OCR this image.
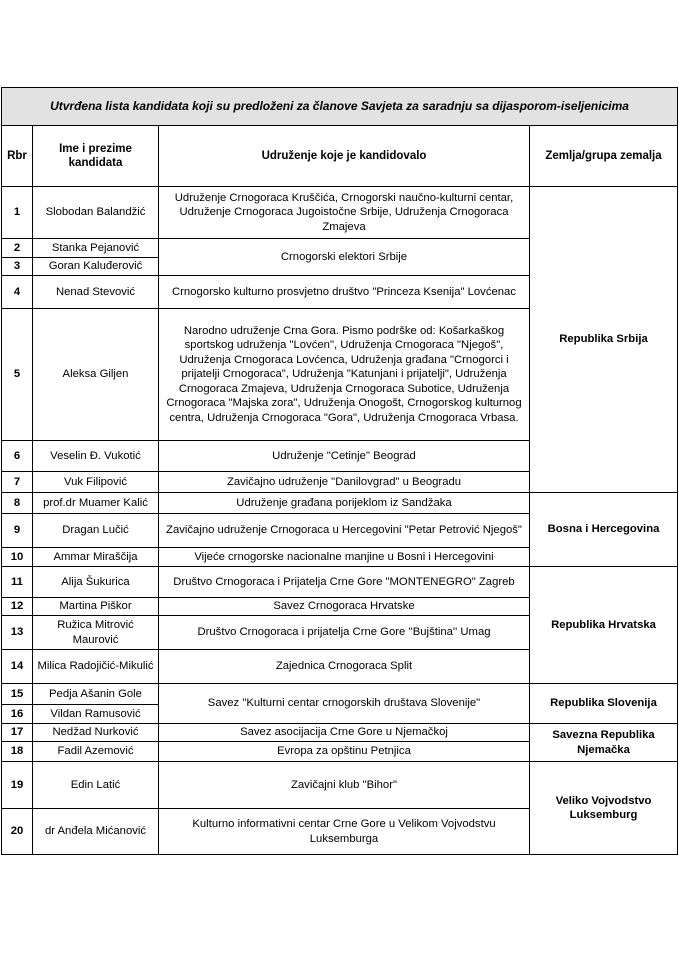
Utvrđena lista kandidata koji su predloženi za članove Savjeta za saradnju sa dijasporom-iseljenicima			
Rbr	Ime i prezime kandidata	Udruženje koje je kandidovalo	Zemlja/grupa zemalja
1	Slobodan Balandžić	Udruženje Crnogoraca Kruščića, Crnogorski naučno-kulturni centar, Udruženje Crnogoraca Jugoistočne Srbije, Udruženja Crnogoraca Zmajeva	Republika Srbija
2	Stanka Pejanović	Crnogorski elektori Srbije	
3	Goran Kaluđerović		
4	Nenad Stevović	Crnogorsko kulturno prosvjetno društvo "Princeza Ksenija" Lovćenac	
5	Aleksa Giljen	Narodno udruženje Crna Gora. Pismo podrške od: Košarkaškog sportskog udruženja "Lovćen", Udruženja Crnogoraca "Njegoš", Udruženja Crnogoraca Lovćenca, Udruženja građana "Crnogorci i prijatelji Crnogoraca", Udruženja "Katunjani i prijatelji", Udruženja Crnogoraca Zmajeva, Udruženja Crnogoraca Subotice, Udruženja Crnogoraca "Majska zora", Udruženja Onogošt, Crnogorskog kulturnog centra, Udruženja Crnogoraca "Gora", Udruženja Crnogoraca Vrbasa.	
6	Veselin Đ. Vukotić	Udruženje "Cetinje" Beograd	
7	Vuk Filipović	Zavičajno udruženje "Danilovgrad" u Beogradu	
8	prof.dr Muamer Kalić	Udruženje građana porijeklom iz Sandžaka	Bosna i Hercegovina
9	Dragan Lučić	Zavičajno udruženje Crnogoraca u Hercegovini "Petar Petrović Njegoš"	
10	Ammar Miraščija	Vijeće crnogorske nacionalne manjine u Bosni i Hercegovini	
11	Alija Šukurica	Društvo Crnogoraca i Prijatelja Crne Gore "MONTENEGRO" Zagreb	Republika Hrvatska
12	Martina Piškor	Savez Crnogoraca Hrvatske	
13	Ružica Mitrović Maurović	Društvo Crnogoraca i prijatelja Crne Gore ''Bujština'' Umag	
14	Milica Radojičić-Mikulić	Zajednica Crnogoraca Split	
15	Pedja Ašanin Gole	Savez "Kulturni centar crnogorskih društava Slovenije"	Republika Slovenija
16	Vildan Ramusović		
17	Nedžad Nurković	Savez asocijacija Crne Gore u Njemačkoj	Savezna Republika Njemačka
18	Fadil Azemović	Evropa za opštinu Petnjica	
19	Edin Latić	Zavičajni klub "Bihor"	Veliko Vojvodstvo Luksemburg
20	dr Anđela Mićanović	Kulturno informativni centar Crne Gore u Velikom Vojvodstvu Luksemburga	
